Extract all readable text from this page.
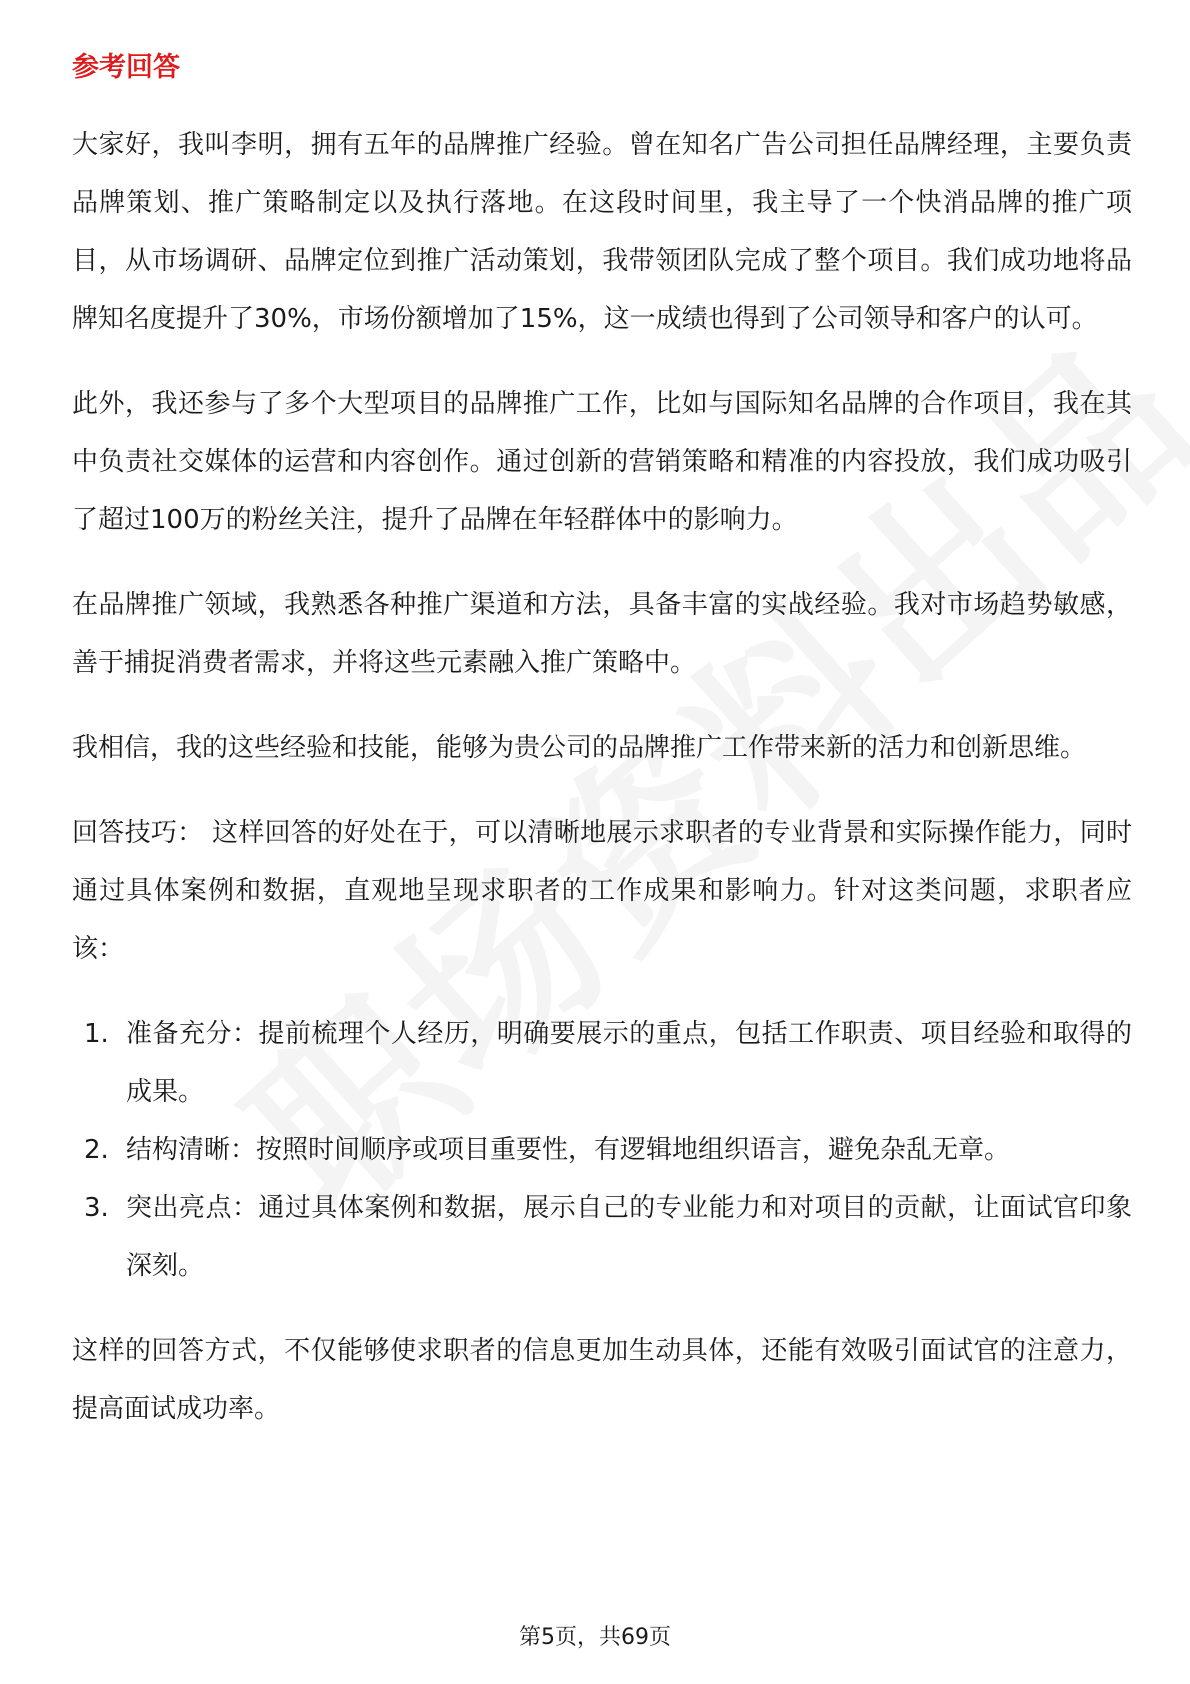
参考回答

大家好，我叫李明，拥有五年的品牌推广经验。曾在知名广告公司担任品牌经理，主要负责品牌策划、推广策略制定以及执行落地。在这段时间里，我主导了一个快消品牌的推广项目，从市场调研、品牌定位到推广活动策划，我带领团队完成了整个项目。我们成功地将品牌知名度提升了30%，市场份额增加了15%，这一成绩也得到了公司领导和客户的认可。

此外，我还参与了多个大型项目的品牌推广工作，比如与国际知名品牌的合作项目，我在其中负责社交媒体的运营和内容创作。通过创新的营销策略和精准的内容投放，我们成功吸引了超过100万的粉丝关注，提升了品牌在年轻群体中的影响力。

在品牌推广领域，我熟悉各种推广渠道和方法，具备丰富的实战经验。我对市场趋势敏感，善于捕捉消费者需求，并将这些元素融入推广策略中。

我相信，我的这些经验和技能，能够为贵公司的品牌推广工作带来新的活力和创新思维。

回答技巧： 这样回答的好处在于，可以清晰地展示求职者的专业背景和实际操作能力，同时通过具体案例和数据，直观地呈现求职者的工作成果和影响力。针对这类问题，求职者应该：

1. 准备充分：提前梳理个人经历，明确要展示的重点，包括工作职责、项目经验和取得的成果。
2. 结构清晰：按照时间顺序或项目重要性，有逻辑地组织语言，避免杂乱无章。
3. 突出亮点：通过具体案例和数据，展示自己的专业能力和对项目的贡献，让面试官印象深刻。

这样的回答方式，不仅能够使求职者的信息更加生动具体，还能有效吸引面试官的注意力，提高面试成功率。

第5页，共69页
